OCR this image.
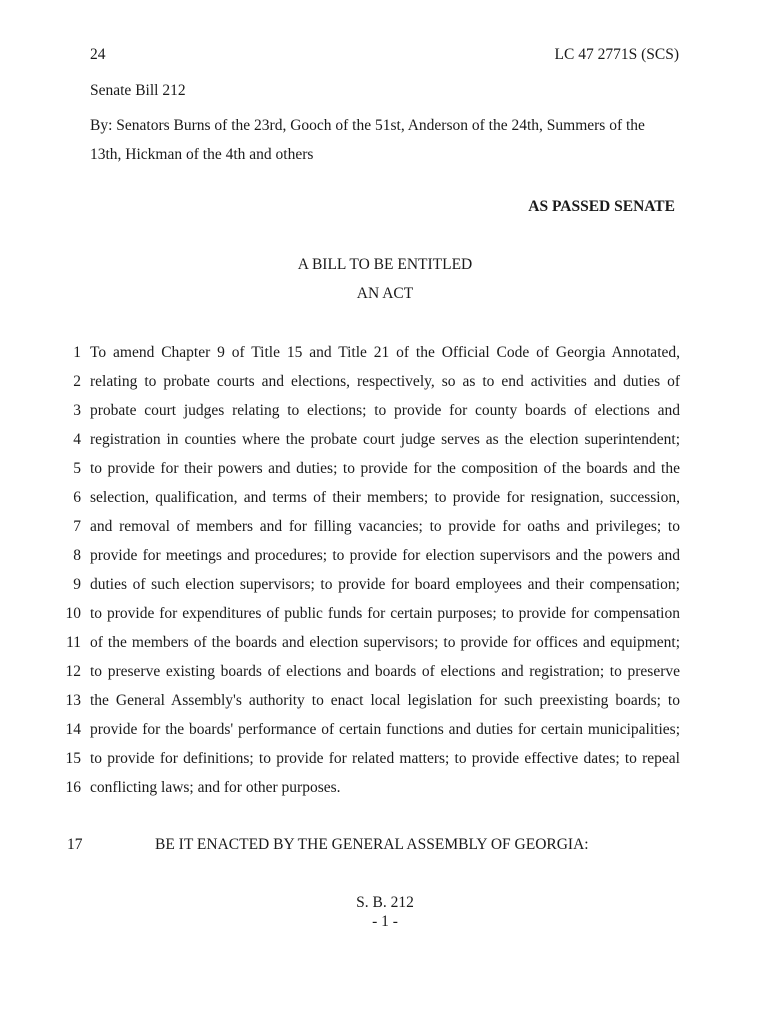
24	LC 47 2771S (SCS)
Senate Bill 212
By: Senators Burns of the 23rd, Gooch of the 51st, Anderson of the 24th, Summers of the 13th, Hickman of the 4th and others
AS PASSED SENATE
A BILL TO BE ENTITLED
AN ACT
1 To amend Chapter 9 of Title 15 and Title 21 of the Official Code of Georgia Annotated,
2 relating to probate courts and elections, respectively, so as to end activities and duties of
3 probate court judges relating to elections; to provide for county boards of elections and
4 registration in counties where the probate court judge serves as the election superintendent;
5 to provide for their powers and duties; to provide for the composition of the boards and the
6 selection, qualification, and terms of their members; to provide for resignation, succession,
7 and removal of members and for filling vacancies; to provide for oaths and privileges; to
8 provide for meetings and procedures; to provide for election supervisors and the powers and
9 duties of such election supervisors; to provide for board employees and their compensation;
10 to provide for expenditures of public funds for certain purposes; to provide for compensation
11 of the members of the boards and election supervisors; to provide for offices and equipment;
12 to preserve existing boards of elections and boards of elections and registration; to preserve
13 the General Assembly's authority to enact local legislation for such preexisting boards; to
14 provide for the boards' performance of certain functions and duties for certain municipalities;
15 to provide for definitions; to provide for related matters; to provide effective dates; to repeal
16 conflicting laws; and for other purposes.
17	BE IT ENACTED BY THE GENERAL ASSEMBLY OF GEORGIA:
S. B. 212
- 1 -
